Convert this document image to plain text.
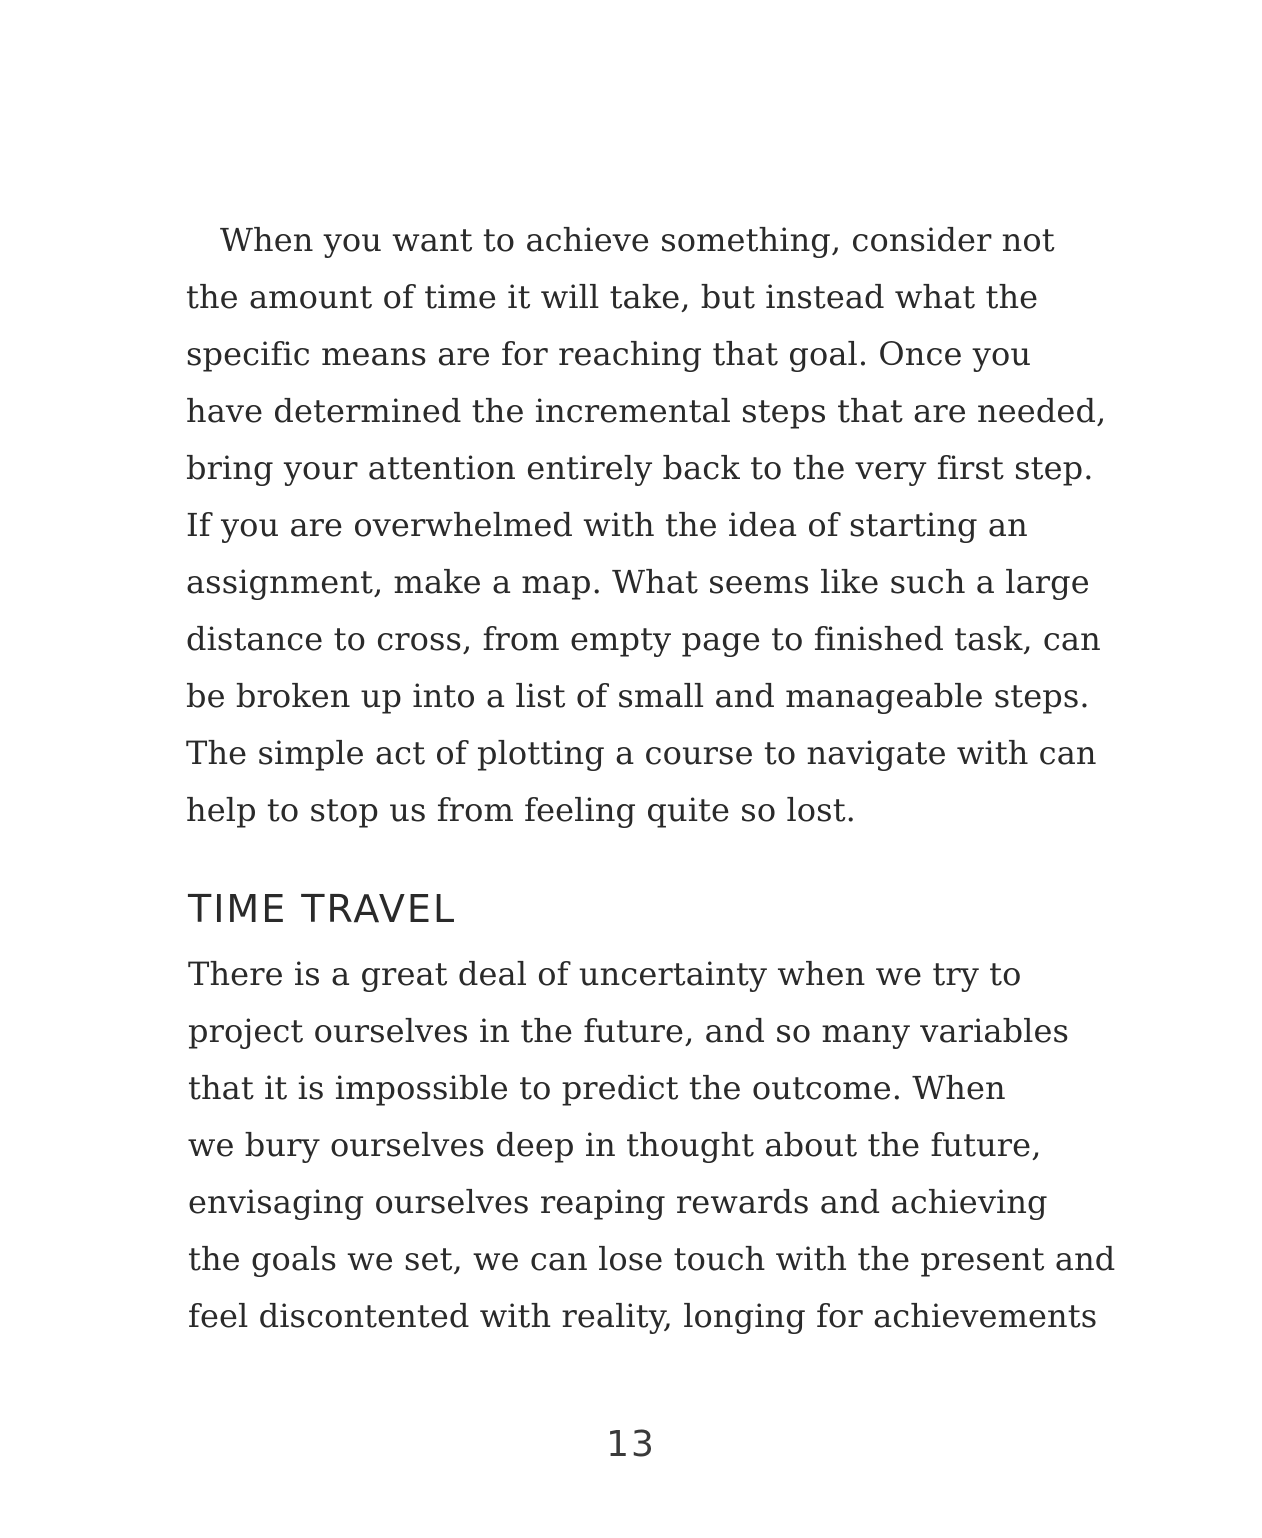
When you want to achieve something, consider not
the amount of time it will take, but instead what the
specific means are for reaching that goal. Once you
have determined the incremental steps that are needed,
bring your attention entirely back to the very first step.
If you are overwhelmed with the idea of starting an
assignment, make a map. What seems like such a large
distance to cross, from empty page to finished task, can
be broken up into a list of small and manageable steps.
The simple act of plotting a course to navigate with can
help to stop us from feeling quite so lost.
TIME TRAVEL
There is a great deal of uncertainty when we try to
project ourselves in the future, and so many variables
that it is impossible to predict the outcome. When
we bury ourselves deep in thought about the future,
envisaging ourselves reaping rewards and achieving
the goals we set, we can lose touch with the present and
feel discontented with reality, longing for achievements
13
